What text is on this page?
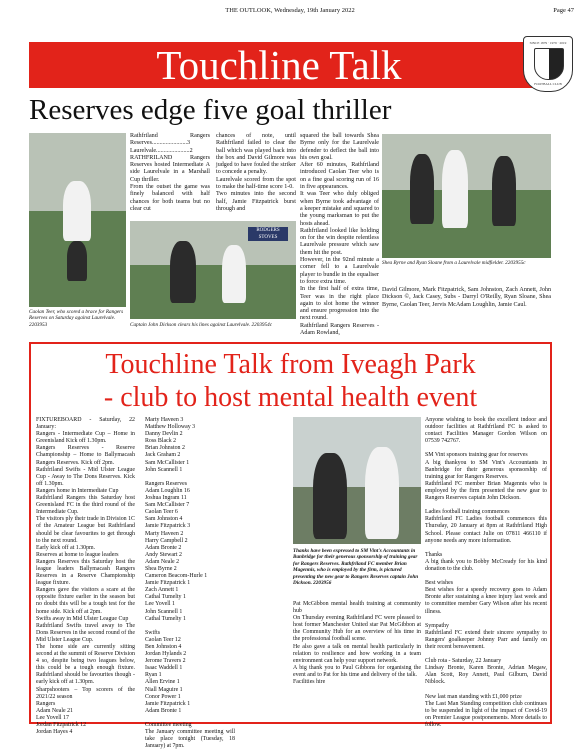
THE OUTLOOK, Wednesday, 19th January 2022	Page 47
Touchline Talk	SINCE 1879 · 1979 · 2019
FOOTBALL CLUB
Reserves edge five goal thriller
Caolan Teer, who scored a brace for Rangers Reserves on Saturday against Laurelvale. 2203953
Rathfriland Rangers Reserves.......................3
Laurelvale......................2
RATHFRILAND Rangers Reserves hosted Intermediate A side Laurelvale in a Marshall Cup thriller.
From the outset the game was finely balanced with half chances for both teams but no clear cut
chances of note, until Rathfriland failed to clear the ball which was played back into the box and David Gilmore was judged to have fouled the striker to concede a penalty.
Laurelvale scored from the spot to make the half-time score 1-0.
Two minutes into the second half, Jamie Fitzpatrick burst through and
squared the ball towards Shea Byrne only for the Laurelvale defender to deflect the ball into his own goal.
After 60 minutes, Rathfriland introduced Caolan Teer who is on a fine goal scoring run of 16 in five appearances.
It was Teer who duly obliged when Byrne took advantage of a keeper mistake and squared to the young marksman to put the hosts ahead.
Rathfriland looked like holding on for the win despite relentless Laurelvale pressure which saw them hit the post.
However, in the 92nd minute a corner fell to a Laurelvale player to bundle in the equaliser to force extra time.
In the first half of extra time, Teer was in the right place again to slot home the winner and ensure progression into the next round.
Rathfriland Rangers Reserves - Adam Rowland,
RODGERS STOVES
Captain John Dickson clears his lines against Laurelvale. 2203954c
Shea Byrne and Ryan Sloane from a Laurelvale midfielder. 2203955c
David Gilmore, Mark Fitzpatrick, Sam Johnston, Zach Annett, John Dickson ©, Jack Casey, Subs - Darryl O'Reilly, Ryan Sloane, Shea Byrne, Caolan Teer, Jervis McAdam Loughlin, Jamie Caul.
Touchline Talk from Iveagh Park
- club to host mental health event
FIXTUREBOARD - Saturday, 22 January:
Rangers - Intermediate Cup – Home in Greenisland Kick off 1.30pm.
Rangers Reserves - Reserve Championship – Home to Ballymacash Rangers Reserves. Kick off 2pm.
Rathfriland Swifts - Mid Ulster League Cup - Away to The Dons Reserves. Kick off 1.30pm.
Rangers home in Intermediate Cup
Rathfriland Rangers this Saturday host Greenisland FC in the third round of the Intermediate Cup.
The visitors ply their trade in Division 1C of the Amateur League but Rathfriland should be clear favourites to get through to the next round.
Early kick off at 1.30pm.
Reserves at home to league leaders
Rangers Reserves this Saturday host the league leaders Ballymacash Rangers Reserves in a Reserve Championship league fixture.
Rangers gave the visitors a scare at the opposite fixture earlier in the season but no doubt this will be a tough test for the home side. Kick off at 2pm.
Swifts away in Mid Ulster League Cup
Rathfriland Swifts travel away to The Dons Reserves in the second round of the Mid Ulster League Cup.
The home side are currently sitting second at the summit of Reserve Division 4 so, despite being two leagues below, this could be a tough enough fixture. Rathfriland should be favourites though - early kick off at 1.30pm.
Sharpshooters – Top scorers of the 2021/22 season
Rangers
Adam Neale 21
Lee Yovell 17
Jordan Fitzpatrick 12
Jordan Hayes 4
Marty Haveen 3
Matthew Holloway 3
Danny Devlin 2
Ross Black 2
Brian Johnston 2
Jack Graham 2
Sam McCallister 1
John Scannell 1

Rangers Reserves
Adam Loughlin 16
Joshua Ingram 11
Sam McCallister 7
Caolan Teer 6
Sam Johnston 4
Jamie Fitzpatrick 3
Marty Haveen 2
Harry Campbell 2
Adam Bronte 2
Andy Stewart 2
Adam Neale 2
Shea Byrne 2
Cameron Beacom-Hurle 1
Jamie Fitzpatrick 1
Zach Annett 1
Cathal Tumelty 1
Lee Yovell 1
John Scannell 1
Cathal Tumelty 1

Swifts
Caolan Teer 12
Ben Johnston 4
Jordan Hylands 2
Jerome Travers 2
Isaac Waddell 1
Ryan 1
Allen Ervine 1
Niall Maguire 1
Conor Power 1
Jamie Fitzpatrick 1
Adam Bronte 1

Committee meeting
The January committee meeting will take place tonight (Tuesday, 18 January) at 7pm.
Thanks have been expressed to SM Vint's Accountants in Banbridge for their generous sponsorship of training gear for Rangers Reserves. Rathfriland FC member Brian Magennis, who is employed by the firm, is pictured presenting the new gear to Rangers Reserves captain John Dickson. 2203956
Pat McGibbon mental health training at community hub
On Thursday evening Rathfriland FC were pleased to host former Manchester United star Pat McGibbon at the Community Hub for an overview of his time in the professional football scene.
He also gave a talk on mental health particularly in relation to resilience and how working in a team environment can help your support network.
A big thank you to Paul Gibbons for organising the event and to Pat for his time and delivery of the talk.
Facilities hire
Anyone wishing to book the excellent indoor and outdoor facilities at Rathfriland FC is asked to contact Facilities Manager Gordon Wilson on 07539 742767.

SM Vint sponsors training gear for reserves
A big thankyou to SM Vint's Accountants in Banbridge for their generous sponsorship of training gear for Rangers Reserves.
Rathfriland FC member Brian Magennis who is employed by the firm presented the new gear to Rangers Reserves captain John Dickson.

Ladies football training commences
Rathfriland FC Ladies football commences this Thursday, 20 January at 8pm at Rathfriland High School. Please contact Julie on 07811 466110 if anyone needs any more information.

Thanks
A big thank you to Bobby McCready for his kind donation to the club.

Best wishes
Best wishes for a speedy recovery goes to Adam Bronte after sustaining a knee injury last week and to committee member Gary Wilson after his recent illness.

Sympathy
Rathfriland FC extend their sincere sympathy to Rangers' goalkeeper Johnny Parr and family on their recent bereavement.

Club rota - Saturday, 22 January
Lindsay Bronte, Karen Bronte, Adrian Megaw, Alan Scott, Roy Annett, Paul Gilburn, David Niblock.

New last man standing with £1,000 prize
The Last Man Standing competition club continues to be suspended in light of the impact of Covid-19 on Premier League postponements. More details to follow.
